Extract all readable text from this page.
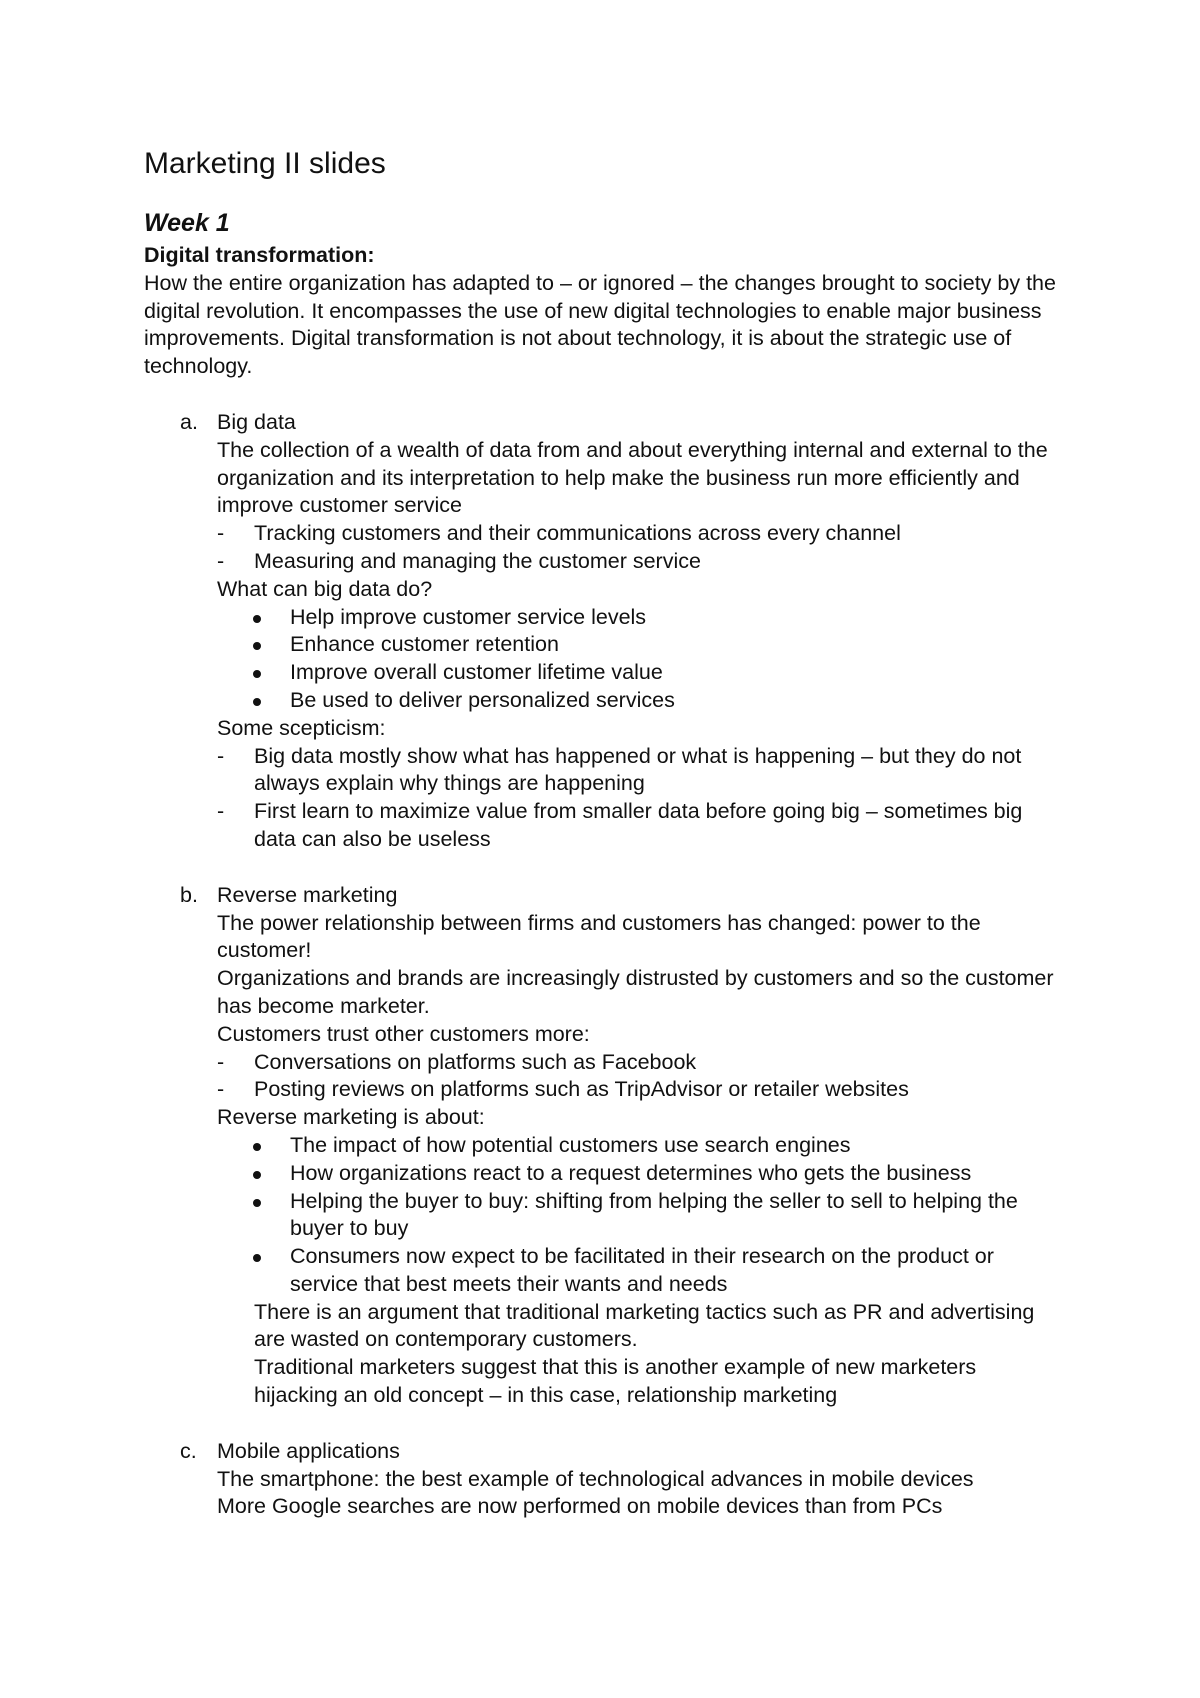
Marketing II slides
Week 1
Digital transformation:

How the entire organization has adapted to – or ignored – the changes brought to society by the digital revolution. It encompasses the use of new digital technologies to enable major business improvements. Digital transformation is not about technology, it is about the strategic use of technology.

a. Big data
The collection of a wealth of data from and about everything internal and external to the organization and its interpretation to help make the business run more efficiently and improve customer service
- Tracking customers and their communications across every channel
- Measuring and managing the customer service
What can big data do?
Help improve customer service levels
Enhance customer retention
Improve overall customer lifetime value
Be used to deliver personalized services
Some scepticism:
- Big data mostly show what has happened or what is happening – but they do not always explain why things are happening
- First learn to maximize value from smaller data before going big – sometimes big data can also be useless
b. Reverse marketing
The power relationship between firms and customers has changed: power to the customer!
Organizations and brands are increasingly distrusted by customers and so the customer has become marketer.
Customers trust other customers more:
- Conversations on platforms such as Facebook
- Posting reviews on platforms such as TripAdvisor or retailer websites
Reverse marketing is about:
The impact of how potential customers use search engines
How organizations react to a request determines who gets the business
Helping the buyer to buy: shifting from helping the seller to sell to helping the buyer to buy
Consumers now expect to be facilitated in their research on the product or service that best meets their wants and needs
There is an argument that traditional marketing tactics such as PR and advertising are wasted on contemporary customers.
Traditional marketers suggest that this is another example of new marketers hijacking an old concept – in this case, relationship marketing
c. Mobile applications
The smartphone: the best example of technological advances in mobile devices
More Google searches are now performed on mobile devices than from PCs
